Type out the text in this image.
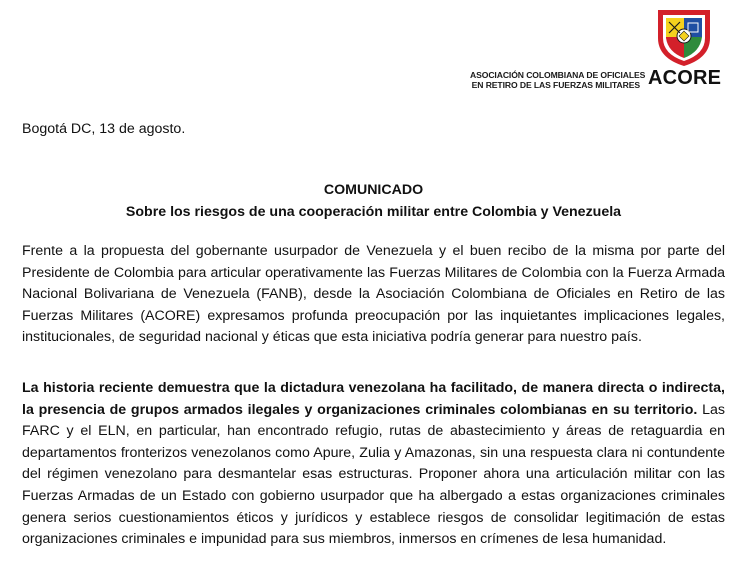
ASOCIACIÓN COLOMBIANA DE OFICIALES
EN RETIRO DE LAS FUERZAS MILITARES ACORE
Bogotá DC, 13 de agosto.
COMUNICADO
Sobre los riesgos de una cooperación militar entre Colombia y Venezuela

Frente a la propuesta del gobernante usurpador de Venezuela y el buen recibo de la misma por parte del Presidente de Colombia para articular operativamente las Fuerzas Militares de Colombia con la Fuerza Armada Nacional Bolivariana de Venezuela (FANB), desde la Asociación Colombiana de Oficiales en Retiro de las Fuerzas Militares (ACORE) expresamos profunda preocupación por las inquietantes implicaciones legales, institucionales, de seguridad nacional y éticas que esta iniciativa podría generar para nuestro país.

La historia reciente demuestra que la dictadura venezolana ha facilitado, de manera directa o indirecta, la presencia de grupos armados ilegales y organizaciones criminales colombianas en su territorio. Las FARC y el ELN, en particular, han encontrado refugio, rutas de abastecimiento y áreas de retaguardia en departamentos fronterizos venezolanos como Apure, Zulia y Amazonas, sin una respuesta clara ni contundente del régimen venezolano para desmantelar esas estructuras. Proponer ahora una articulación militar con las Fuerzas Armadas de un Estado con gobierno usurpador que ha albergado a estas organizaciones criminales genera serios cuestionamientos éticos y jurídicos y establece riesgos de consolidar legitimación de estas organizaciones criminales e impunidad para sus miembros, inmersos en crímenes de lesa humanidad.
